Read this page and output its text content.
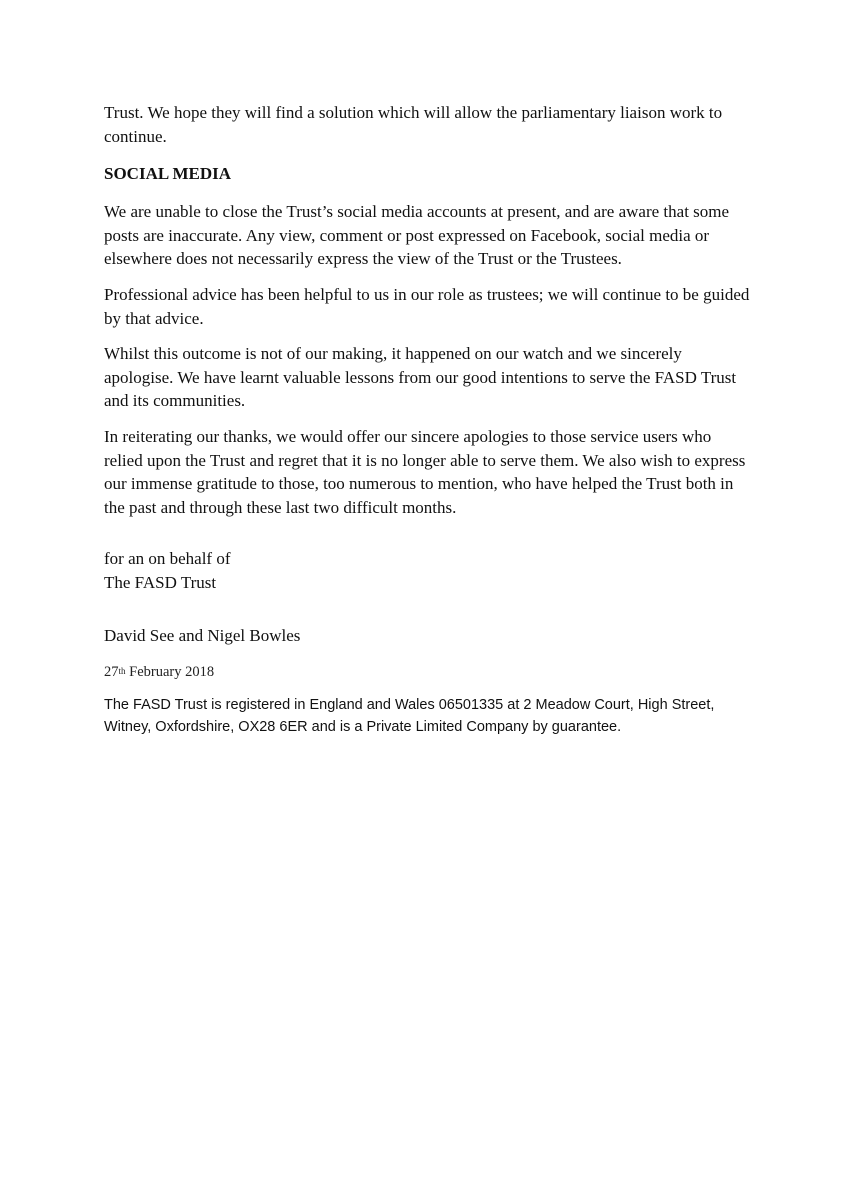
Trust. We hope they will find a solution which will allow the parliamentary liaison work to continue.

SOCIAL MEDIA

We are unable to close the Trust’s social media accounts at present, and are aware that some posts are inaccurate. Any view, comment or post expressed on Facebook, social media or elsewhere does not necessarily express the view of the Trust or the Trustees.

Professional advice has been helpful to us in our role as trustees; we will continue to be guided by that advice.

Whilst this outcome is not of our making, it happened on our watch and we sincerely apologise. We have learnt valuable lessons from our good intentions to serve the FASD Trust and its communities.

In reiterating our thanks, we would offer our sincere apologies to those service users who relied upon the Trust and regret that it is no longer able to serve them. We also wish to express our immense gratitude to those, too numerous to mention, who have helped the Trust both in the past and through these last two difficult months.

for an on behalf of
The FASD Trust

David See and Nigel Bowles

27th February 2018

The FASD Trust is registered in England and Wales 06501335 at 2 Meadow Court, High Street, Witney, Oxfordshire, OX28 6ER and is a Private Limited Company by guarantee.
